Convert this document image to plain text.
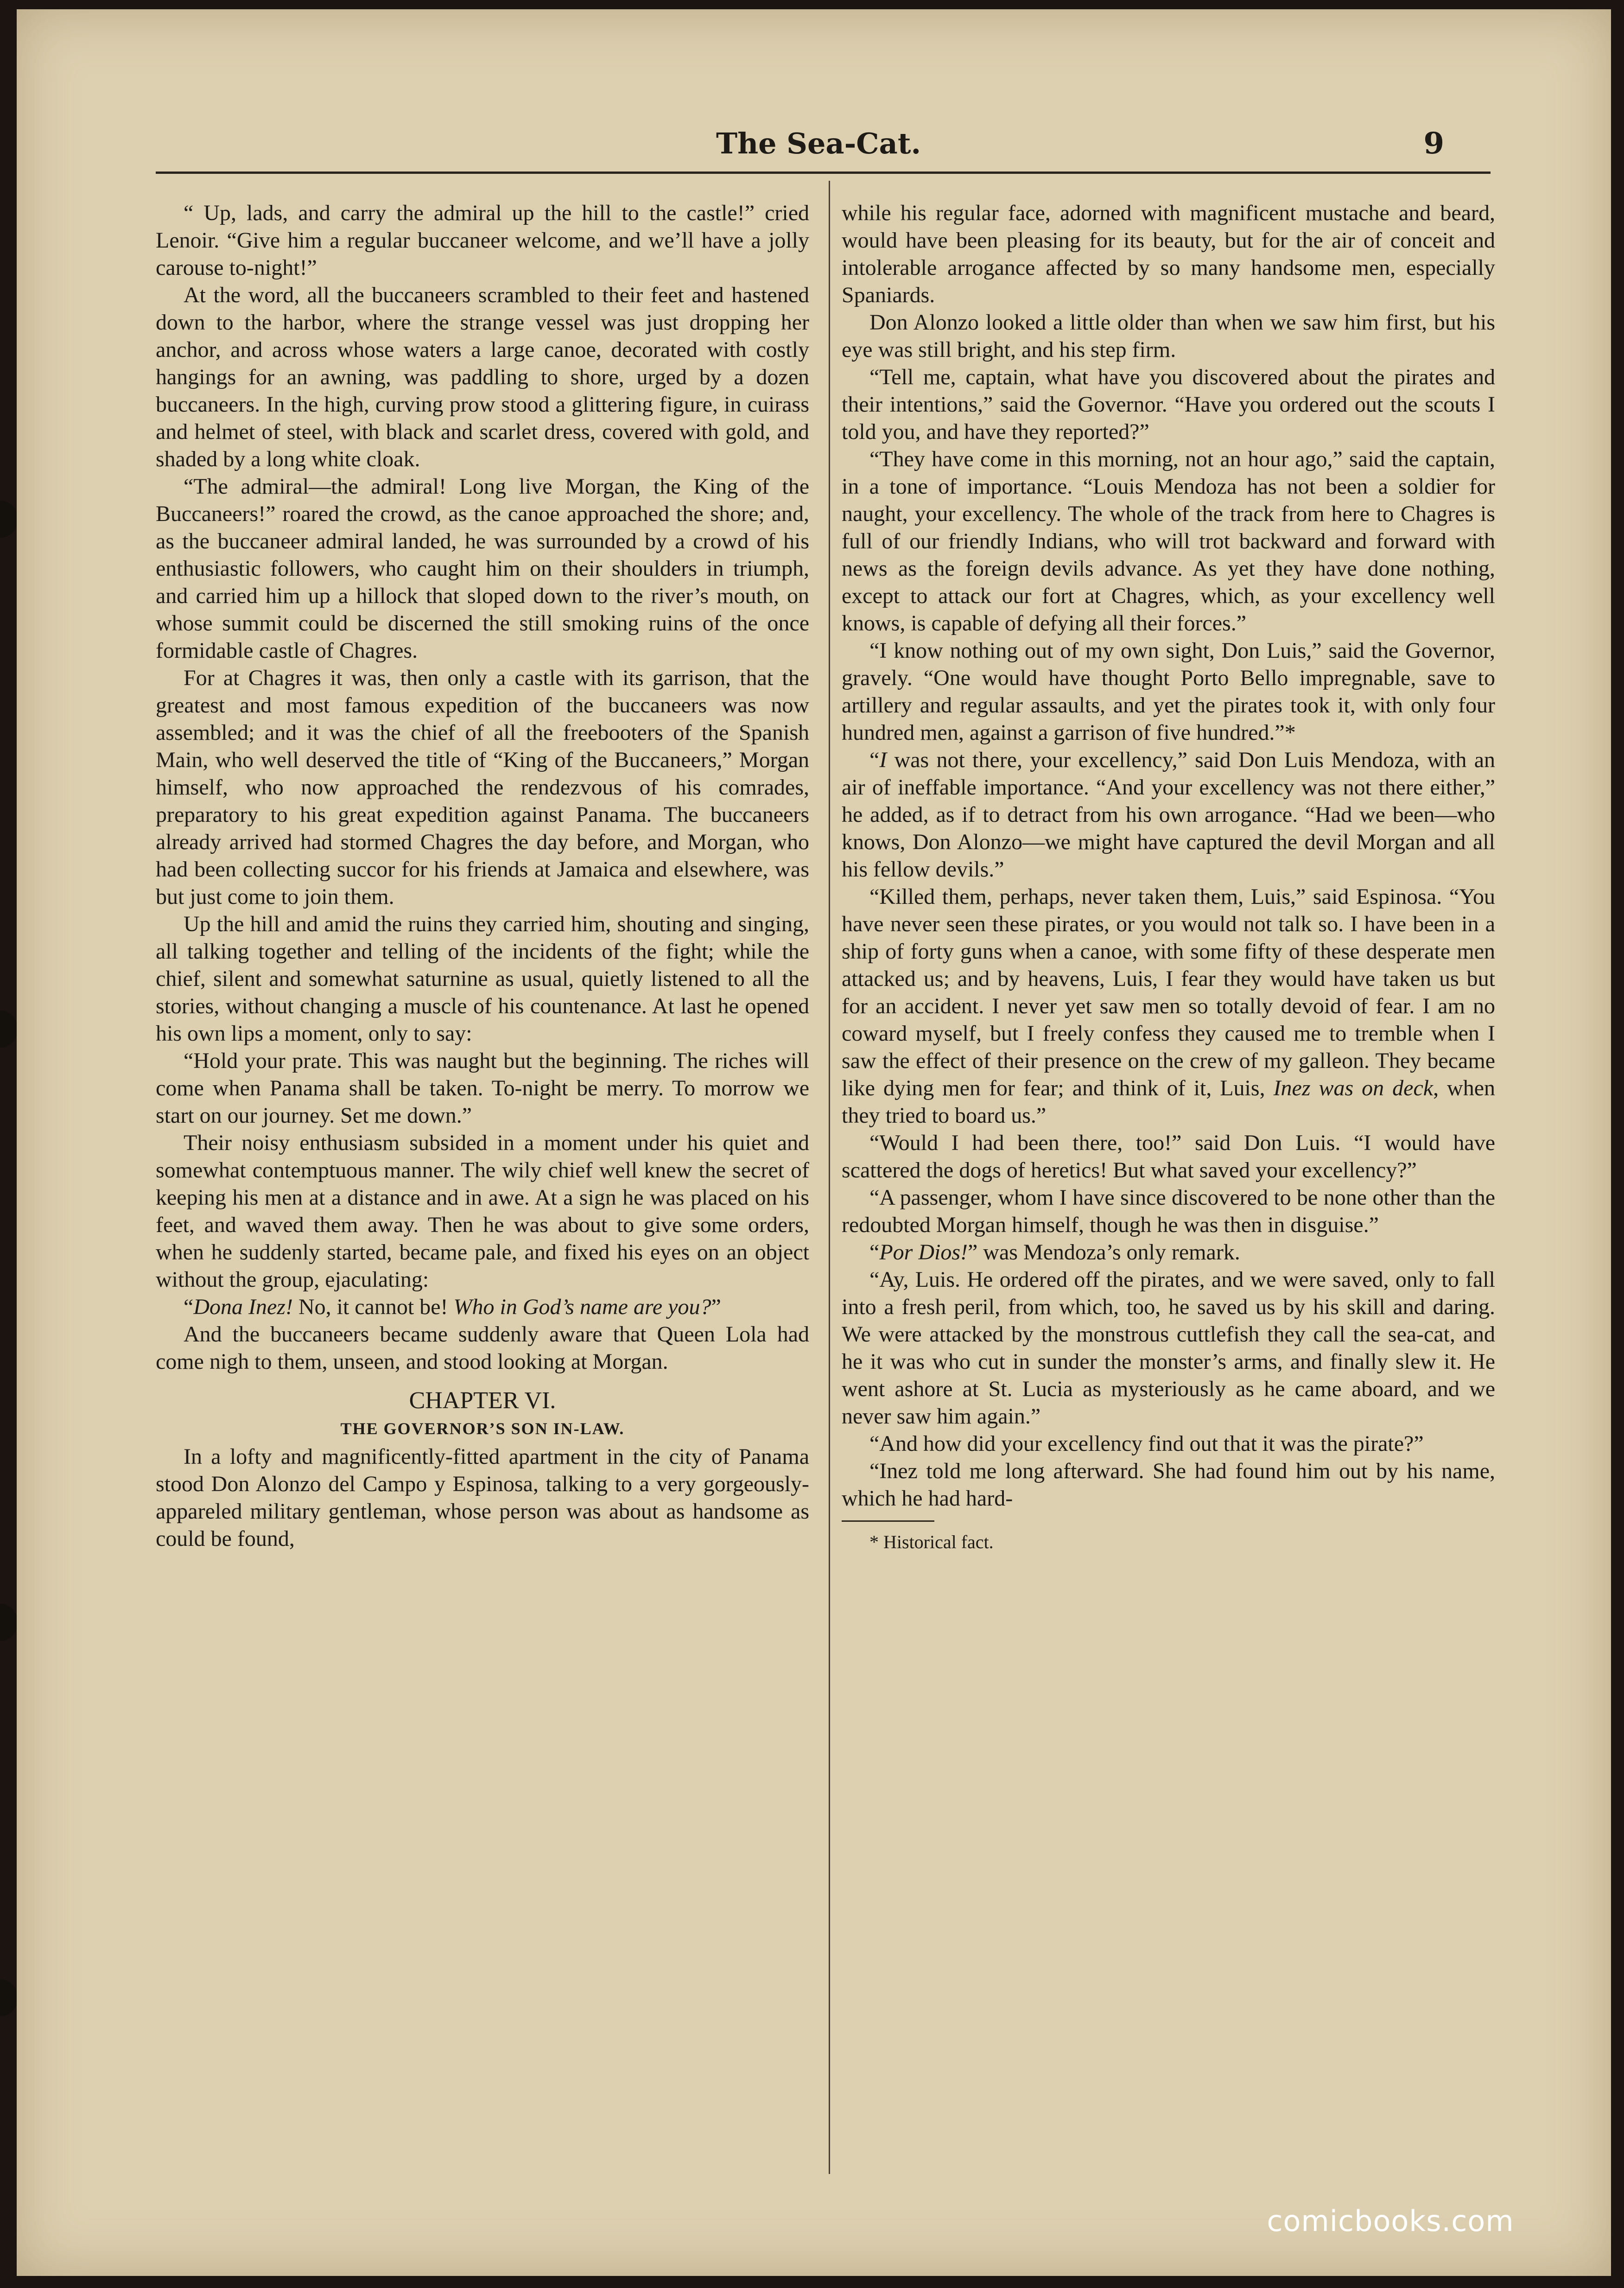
The Sea-Cat.	9

“ Up, lads, and carry the admiral up the hill to the castle!” cried Lenoir. “Give him a regular buccaneer welcome, and we’ll have a jolly carouse to-night!”

At the word, all the buccaneers scrambled to their feet and hastened down to the harbor, where the strange vessel was just dropping her anchor, and across whose waters a large canoe, decorated with costly hangings for an awning, was paddling to shore, urged by a dozen buccaneers. In the high, curving prow stood a glittering figure, in cuirass and helmet of steel, with black and scarlet dress, covered with gold, and shaded by a long white cloak.

“The admiral—the admiral! Long live Morgan, the King of the Buccaneers!” roared the crowd, as the canoe approached the shore; and, as the buccaneer admiral landed, he was surrounded by a crowd of his enthusiastic followers, who caught him on their shoulders in triumph, and carried him up a hillock that sloped down to the river’s mouth, on whose summit could be discerned the still smoking ruins of the once formidable castle of Chagres.

For at Chagres it was, then only a castle with its garrison, that the greatest and most famous expedition of the buccaneers was now assembled; and it was the chief of all the freebooters of the Spanish Main, who well deserved the title of “King of the Buccaneers,” Morgan himself, who now approached the rendezvous of his comrades, preparatory to his great expedition against Panama. The buccaneers already arrived had stormed Chagres the day before, and Morgan, who had been collecting succor for his friends at Jamaica and elsewhere, was but just come to join them.

Up the hill and amid the ruins they carried him, shouting and singing, all talking together and telling of the incidents of the fight; while the chief, silent and somewhat saturnine as usual, quietly listened to all the stories, without changing a muscle of his countenance. At last he opened his own lips a moment, only to say:

“Hold your prate. This was naught but the beginning. The riches will come when Panama shall be taken. To-night be merry. To morrow we start on our journey. Set me down.”

Their noisy enthusiasm subsided in a moment under his quiet and somewhat contemptuous manner. The wily chief well knew the secret of keeping his men at a distance and in awe. At a sign he was placed on his feet, and waved them away. Then he was about to give some orders, when he suddenly started, became pale, and fixed his eyes on an object without the group, ejaculating:

“Dona Inez! No, it cannot be! Who in God’s name are you?”

And the buccaneers became suddenly aware that Queen Lola had come nigh to them, unseen, and stood looking at Morgan.

CHAPTER VI.
THE GOVERNOR’S SON IN-LAW.

In a lofty and magnificently-fitted apartment in the city of Panama stood Don Alonzo del Campo y Espinosa, talking to a very gorgeously-appareled military gentleman, whose person was about as handsome as could be found,

while his regular face, adorned with magnificent mustache and beard, would have been pleasing for its beauty, but for the air of conceit and intolerable arrogance affected by so many handsome men, especially Spaniards.

Don Alonzo looked a little older than when we saw him first, but his eye was still bright, and his step firm.

“Tell me, captain, what have you discovered about the pirates and their intentions,” said the Governor. “Have you ordered out the scouts I told you, and have they reported?”

“They have come in this morning, not an hour ago,” said the captain, in a tone of importance. “Louis Mendoza has not been a soldier for naught, your excellency. The whole of the track from here to Chagres is full of our friendly Indians, who will trot backward and forward with news as the foreign devils advance. As yet they have done nothing, except to attack our fort at Chagres, which, as your excellency well knows, is capable of defying all their forces.”

“I know nothing out of my own sight, Don Luis,” said the Governor, gravely. “One would have thought Porto Bello impregnable, save to artillery and regular assaults, and yet the pirates took it, with only four hundred men, against a garrison of five hundred.”*

“I was not there, your excellency,” said Don Luis Mendoza, with an air of ineffable importance. “And your excellency was not there either,” he added, as if to detract from his own arrogance. “Had we been—who knows, Don Alonzo—we might have captured the devil Morgan and all his fellow devils.”

“Killed them, perhaps, never taken them, Luis,” said Espinosa. “You have never seen these pirates, or you would not talk so. I have been in a ship of forty guns when a canoe, with some fifty of these desperate men attacked us; and by heavens, Luis, I fear they would have taken us but for an accident. I never yet saw men so totally devoid of fear. I am no coward myself, but I freely confess they caused me to tremble when I saw the effect of their presence on the crew of my galleon. They became like dying men for fear; and think of it, Luis, Inez was on deck, when they tried to board us.”

“Would I had been there, too!” said Don Luis. “I would have scattered the dogs of heretics! But what saved your excellency?”

“A passenger, whom I have since discovered to be none other than the redoubted Morgan himself, though he was then in disguise.”

“Por Dios!” was Mendoza’s only remark.

“Ay, Luis. He ordered off the pirates, and we were saved, only to fall into a fresh peril, from which, too, he saved us by his skill and daring. We were attacked by the monstrous cuttlefish they call the sea-cat, and he it was who cut in sunder the monster’s arms, and finally slew it. He went ashore at St. Lucia as mysteriously as he came aboard, and we never saw him again.”

“And how did your excellency find out that it was the pirate?”

“Inez told me long afterward. She had found him out by his name, which he had hard-

* Historical fact.
comicbooks.com
